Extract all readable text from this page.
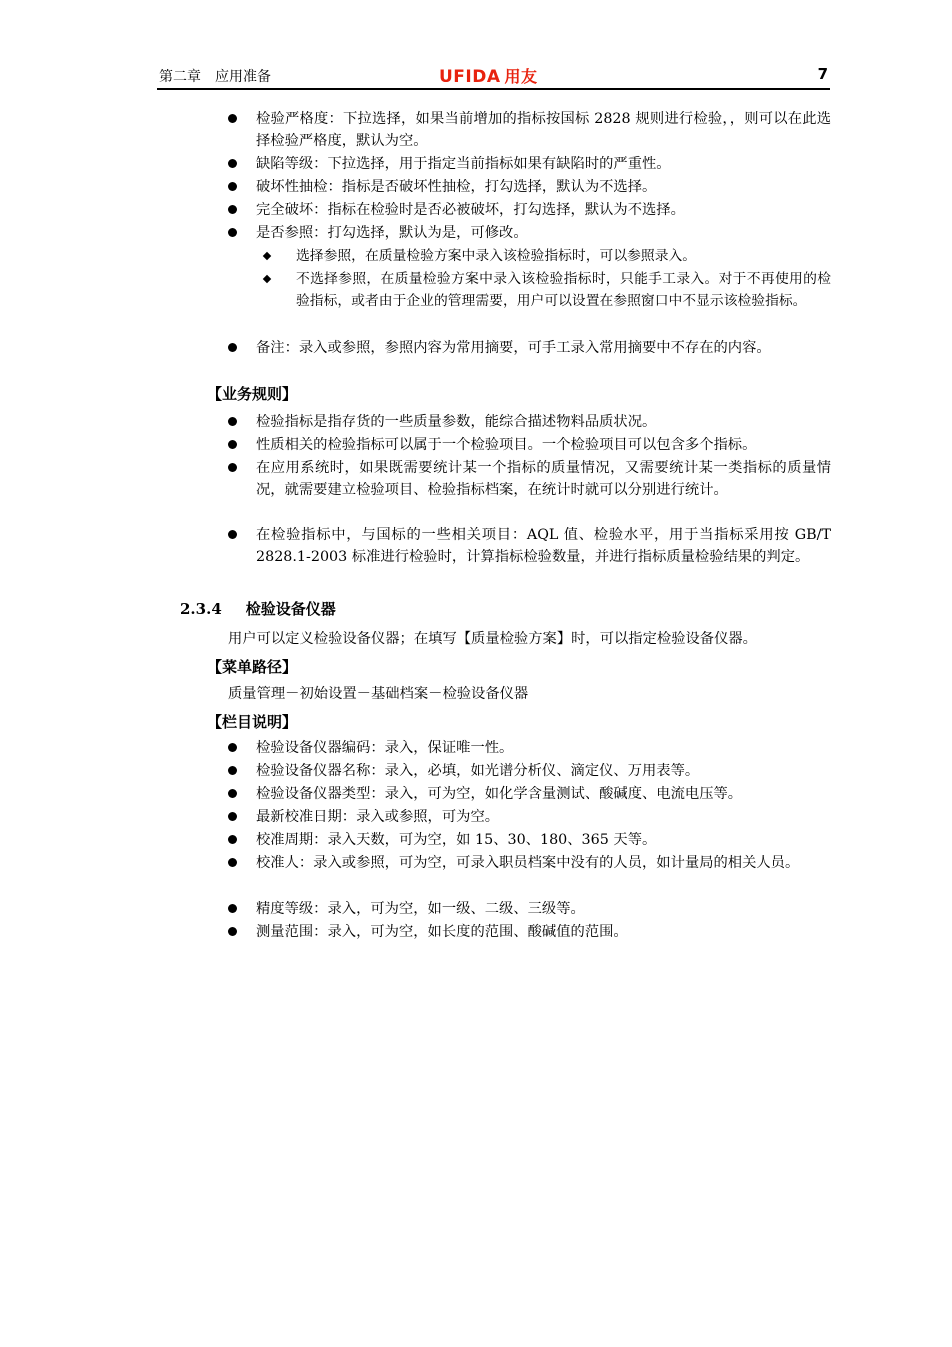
第二章　应用准备	UFIDA 用友	7
检验严格度：下拉选择，如果当前增加的指标按国标 2828 规则进行检验，，则可以在此选择检验严格度，默认为空。
缺陷等级：下拉选择，用于指定当前指标如果有缺陷时的严重性。
破坏性抽检：指标是否破坏性抽检，打勾选择，默认为不选择。
完全破坏：指标在检验时是否必被破坏，打勾选择，默认为不选择。
是否参照：打勾选择，默认为是，可修改。
选择参照，在质量检验方案中录入该检验指标时，可以参照录入。
不选择参照，在质量检验方案中录入该检验指标时，只能手工录入。对于不再使用的检验指标，或者由于企业的管理需要，用户可以设置在参照窗口中不显示该检验指标。
备注：录入或参照，参照内容为常用摘要，可手工录入常用摘要中不存在的内容。
【业务规则】
检验指标是指存货的一些质量参数，能综合描述物料品质状况。
性质相关的检验指标可以属于一个检验项目。一个检验项目可以包含多个指标。
在应用系统时，如果既需要统计某一个指标的质量情况，又需要统计某一类指标的质量情况，就需要建立检验项目、检验指标档案，在统计时就可以分别进行统计。
在检验指标中，与国标的一些相关项目：AQL 值、检验水平，用于当指标采用按 GB/T 2828.1-2003 标准进行检验时，计算指标检验数量，并进行指标质量检验结果的判定。
2.3.4 检验设备仪器
用户可以定义检验设备仪器；在填写【质量检验方案】时，可以指定检验设备仪器。
【菜单路径】
质量管理－初始设置－基础档案－检验设备仪器
【栏目说明】
检验设备仪器编码：录入，保证唯一性。
检验设备仪器名称：录入，必填，如光谱分析仪、滴定仪、万用表等。
检验设备仪器类型：录入，可为空，如化学含量测试、酸碱度、电流电压等。
最新校准日期：录入或参照，可为空。
校准周期：录入天数，可为空，如 15、30、180、365 天等。
校准人：录入或参照，可为空，可录入职员档案中没有的人员，如计量局的相关人员。
精度等级：录入，可为空，如一级、二级、三级等。
测量范围：录入，可为空，如长度的范围、酸碱值的范围。
